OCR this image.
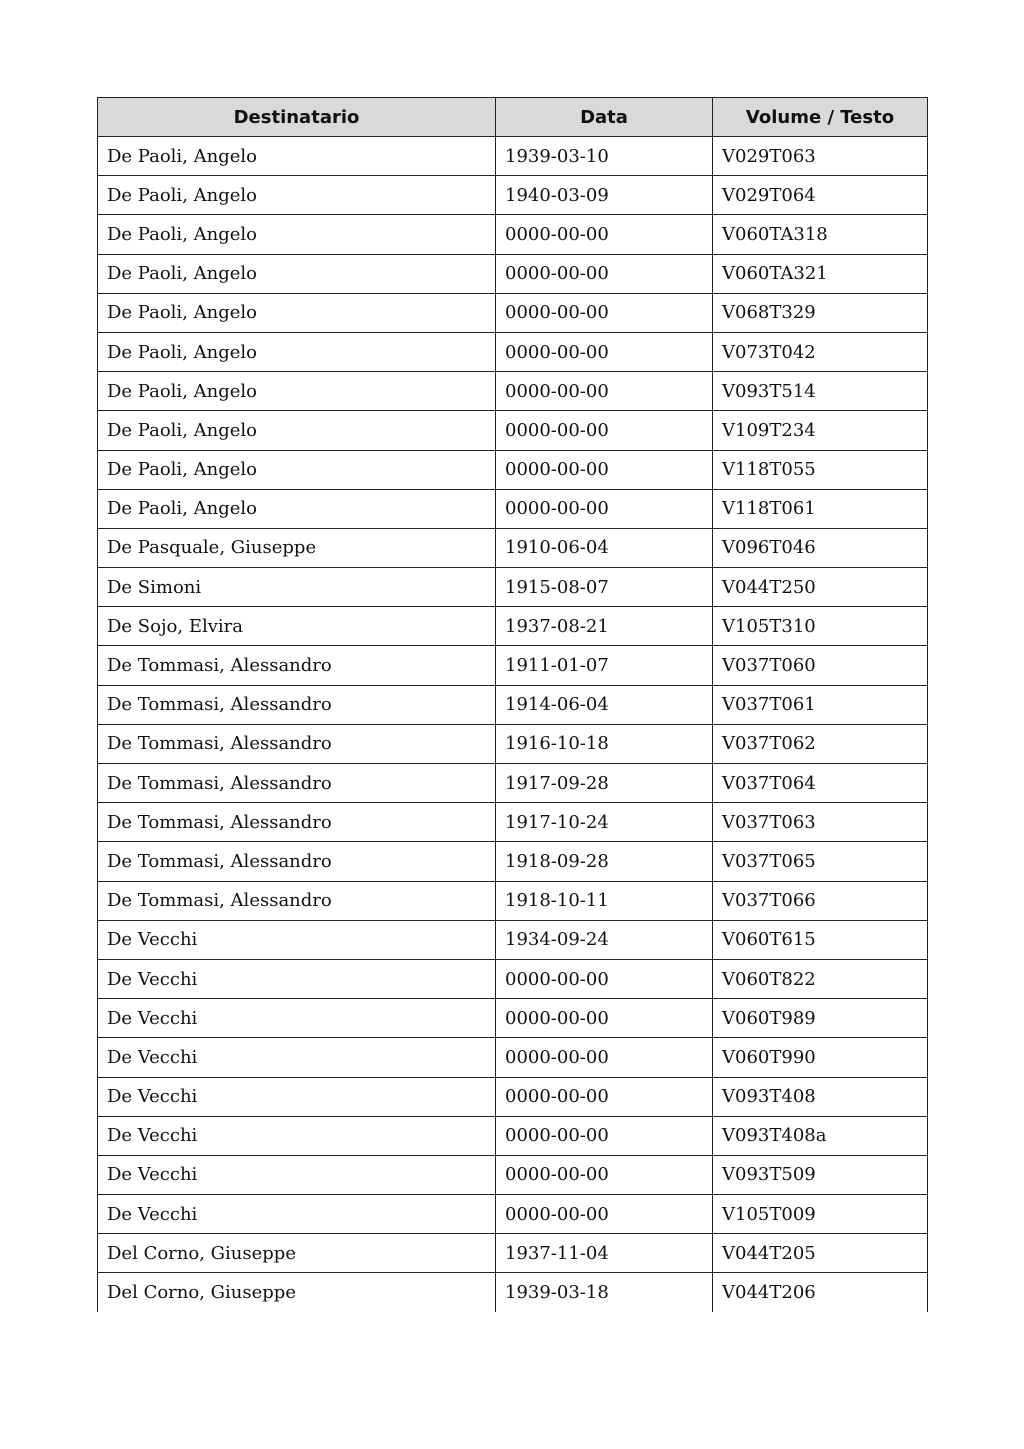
Destinatario	Data	Volume / Testo
De Paoli, Angelo	1939-03-10	V029T063
De Paoli, Angelo	1940-03-09	V029T064
De Paoli, Angelo	0000-00-00	V060TA318
De Paoli, Angelo	0000-00-00	V060TA321
De Paoli, Angelo	0000-00-00	V068T329
De Paoli, Angelo	0000-00-00	V073T042
De Paoli, Angelo	0000-00-00	V093T514
De Paoli, Angelo	0000-00-00	V109T234
De Paoli, Angelo	0000-00-00	V118T055
De Paoli, Angelo	0000-00-00	V118T061
De Pasquale, Giuseppe	1910-06-04	V096T046
De Simoni	1915-08-07	V044T250
De Sojo, Elvira	1937-08-21	V105T310
De Tommasi, Alessandro	1911-01-07	V037T060
De Tommasi, Alessandro	1914-06-04	V037T061
De Tommasi, Alessandro	1916-10-18	V037T062
De Tommasi, Alessandro	1917-09-28	V037T064
De Tommasi, Alessandro	1917-10-24	V037T063
De Tommasi, Alessandro	1918-09-28	V037T065
De Tommasi, Alessandro	1918-10-11	V037T066
De Vecchi	1934-09-24	V060T615
De Vecchi	0000-00-00	V060T822
De Vecchi	0000-00-00	V060T989
De Vecchi	0000-00-00	V060T990
De Vecchi	0000-00-00	V093T408
De Vecchi	0000-00-00	V093T408a
De Vecchi	0000-00-00	V093T509
De Vecchi	0000-00-00	V105T009
Del Corno, Giuseppe	1937-11-04	V044T205
Del Corno, Giuseppe	1939-03-18	V044T206
